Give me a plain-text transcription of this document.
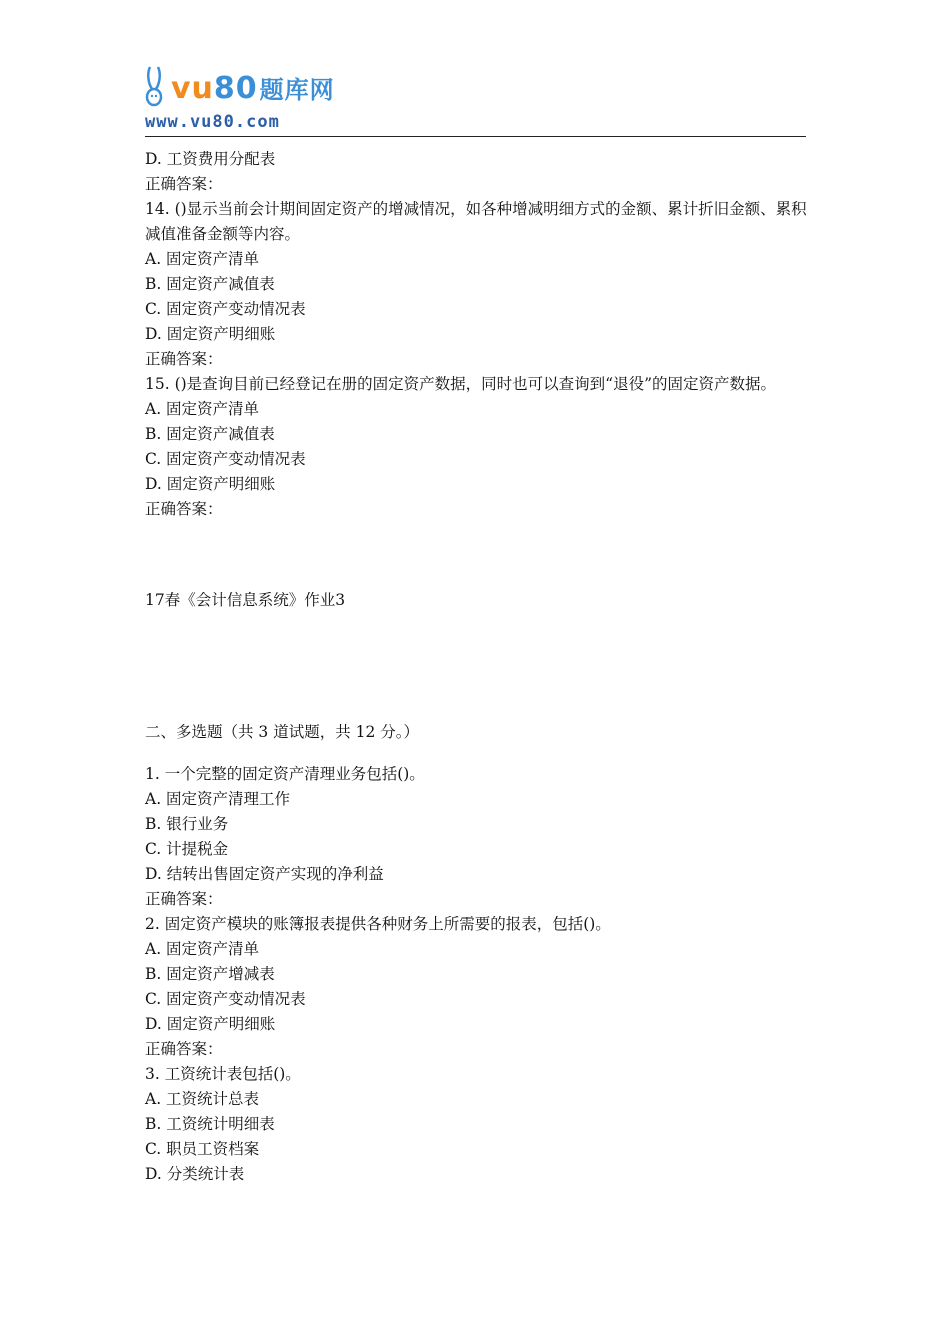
vu 80 题库网
www.vu80.com
D. 工资费用分配表
正确答案：
14. ()显示当前会计期间固定资产的增减情况，如各种增减明细方式的金额、累计折旧金额、累积减值准备金额等内容。
A. 固定资产清单
B. 固定资产减值表
C. 固定资产变动情况表
D. 固定资产明细账
正确答案：
15. ()是查询目前已经登记在册的固定资产数据，同时也可以查询到“退役”的固定资产数据。
A. 固定资产清单
B. 固定资产减值表
C. 固定资产变动情况表
D. 固定资产明细账
正确答案：
17春《会计信息系统》作业3
二、多选题（共 3 道试题，共 12 分。）
1. 一个完整的固定资产清理业务包括()。
A. 固定资产清理工作
B. 银行业务
C. 计提税金
D. 结转出售固定资产实现的净利益
正确答案：
2. 固定资产模块的账簿报表提供各种财务上所需要的报表，包括()。
A. 固定资产清单
B. 固定资产增减表
C. 固定资产变动情况表
D. 固定资产明细账
正确答案：
3. 工资统计表包括()。
A. 工资统计总表
B. 工资统计明细表
C. 职员工资档案
D. 分类统计表
